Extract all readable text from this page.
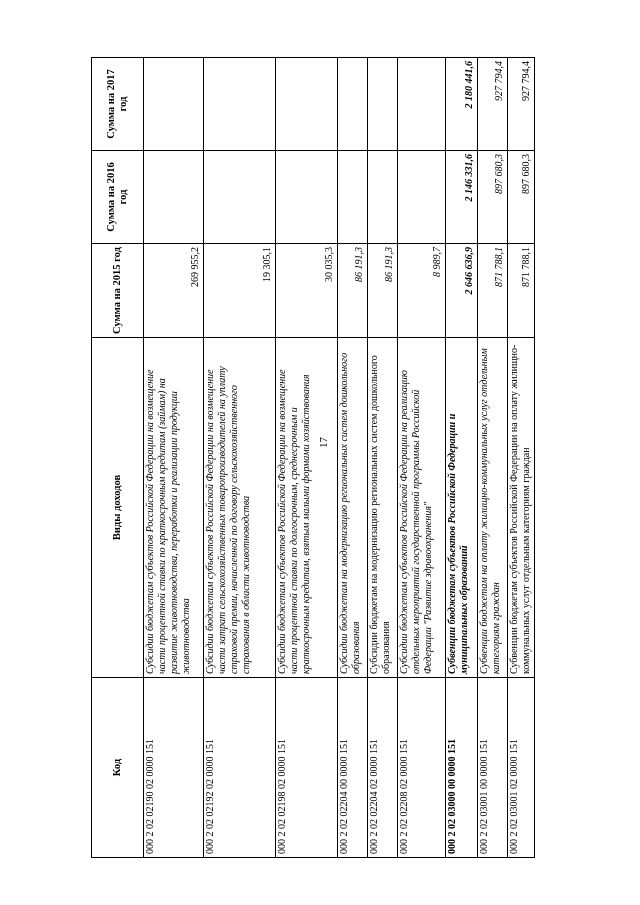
17
Код	Виды доходов	Сумма на 2015 год	Сумма на 2016 год	Сумма на 2017 год
000 2 02 02190 02 0000 151	Субсидии бюджетам субъектов Российской Федерации на возмещение части процентной ставки по краткосрочным кредитам (займам) на развитие животноводства, переработки и реализации продукции животноводства	269 955,2		
000 2 02 02192 02 0000 151	Субсидии бюджетам субъектов Российской Федерации на возмещение части затрат сельскохозяйственных товаропроизводителей на уплату страховой премии, начисленной по договору сельскохозяйственного страхования в области животноводства	19 305,1		
000 2 02 02198 02 0000 151	Субсидии бюджетам субъектов Российской Федерации на возмещение части процентной ставки по долгосрочным, среднесрочным и краткосрочным кредитам, взятым малыми формами хозяйствования	30 035,3		
000 2 02 02204 00 0000 151	Субсидии бюджетам на модернизацию региональных систем дошкольного образования	86 191,3		
000 2 02 02204 02 0000 151	Субсидии бюджетам на модернизацию региональных систем дошкольного образования	86 191,3		
000 2 02 02208 02 0000 151	Субсидии бюджетам субъектов Российской Федерации на реализацию отдельных мероприятий государственной программы Российской Федерации "Развитие здравоохранения"	8 989,7		
000 2 02 03000 00 0000 151	Субвенции бюджетам субъектов Российской Федерации и муниципальных образований	2 646 636,9	2 146 331,6	2 180 441,6
000 2 02 03001 00 0000 151	Субвенции бюджетам на оплату жилищно-коммунальных услуг отдельным категориям граждан	871 788,1	897 680,3	927 794,4
000 2 02 03001 02 0000 151	Субвенции бюджетам субъектов Российской Федерации на оплату жилищно-коммунальных услуг отдельным категориям граждан	871 788,1	897 680,3	927 794,4
